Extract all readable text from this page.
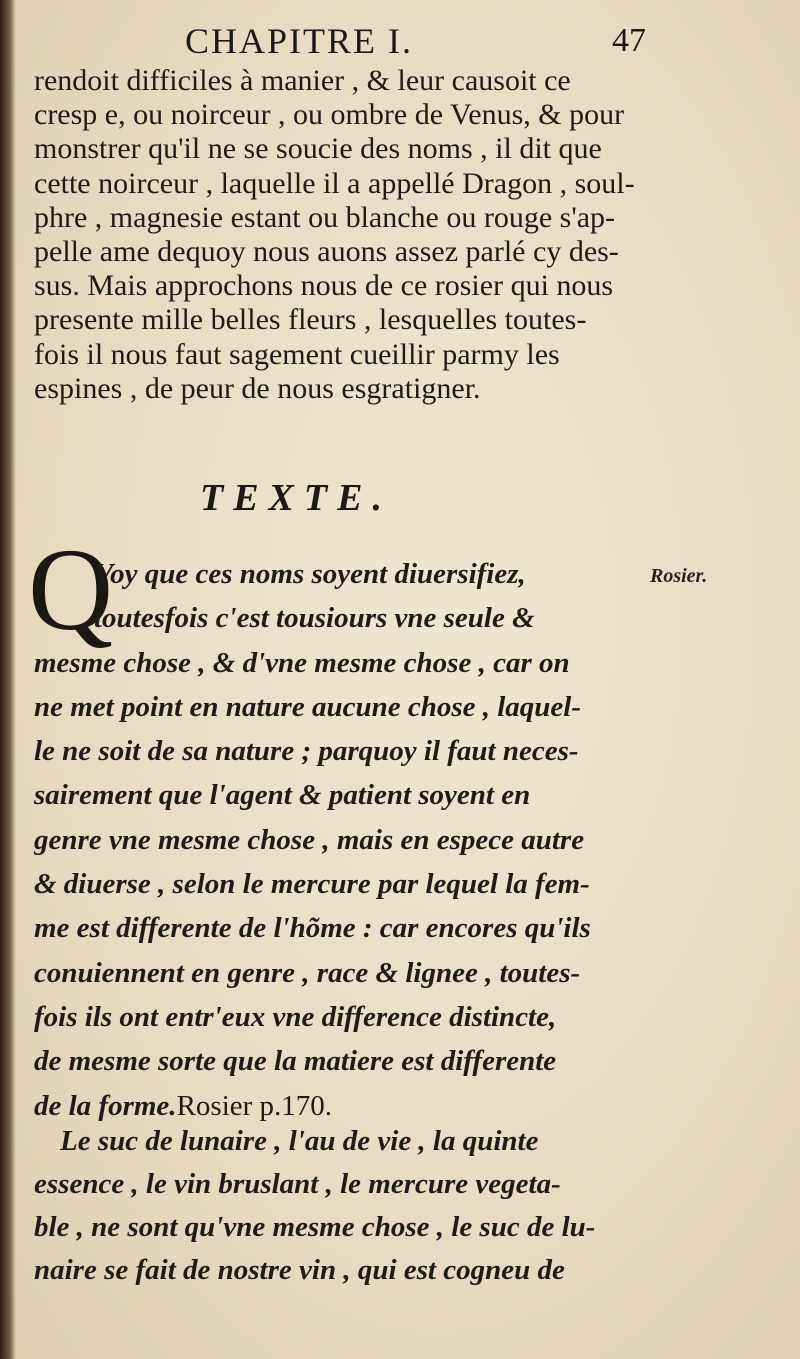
CHAPITRE I.	47
rendoit difficiles à manier , & leur causoit ce
cresp e, ou noirceur , ou ombre de Venus, & pour
monstrer qu'il ne se soucie des noms , il dit que
cette noirceur , laquelle il a appellé Dragon , soul-
phre , magnesie estant ou blanche ou rouge s'ap-
pelle ame dequoy nous auons assez parlé cy des-
sus. Mais approchons nous de ce rosier qui nous
presente mille belles fleurs , lesquelles toutes-
fois il nous faut sagement cueillir parmy les
espines , de peur de nous esgratigner.
TEXTE.
Q	Rosier.
Voy que ces noms soyent diuersifiez,
toutesfois c'est tousiours vne seule &
mesme chose , & d'vne mesme chose , car on
ne met point en nature aucune chose , laquel-
le ne soit de sa nature ; parquoy il faut neces-
sairement que l'agent & patient soyent en
genre vne mesme chose , mais en espece autre
& diuerse , selon le mercure par lequel la fem-
me est differente de l'hõme : car encores qu'ils
conuiennent en genre , race & lignee , toutes-
fois ils ont entr'eux vne difference distincte,
de mesme sorte que la matiere est differente
de la forme.Rosier p.170.
Le suc de lunaire , l'au de vie , la quinte
essence , le vin bruslant , le mercure vegeta-
ble , ne sont qu'vne mesme chose , le suc de lu-
naire se fait de nostre vin , qui est cogneu de
